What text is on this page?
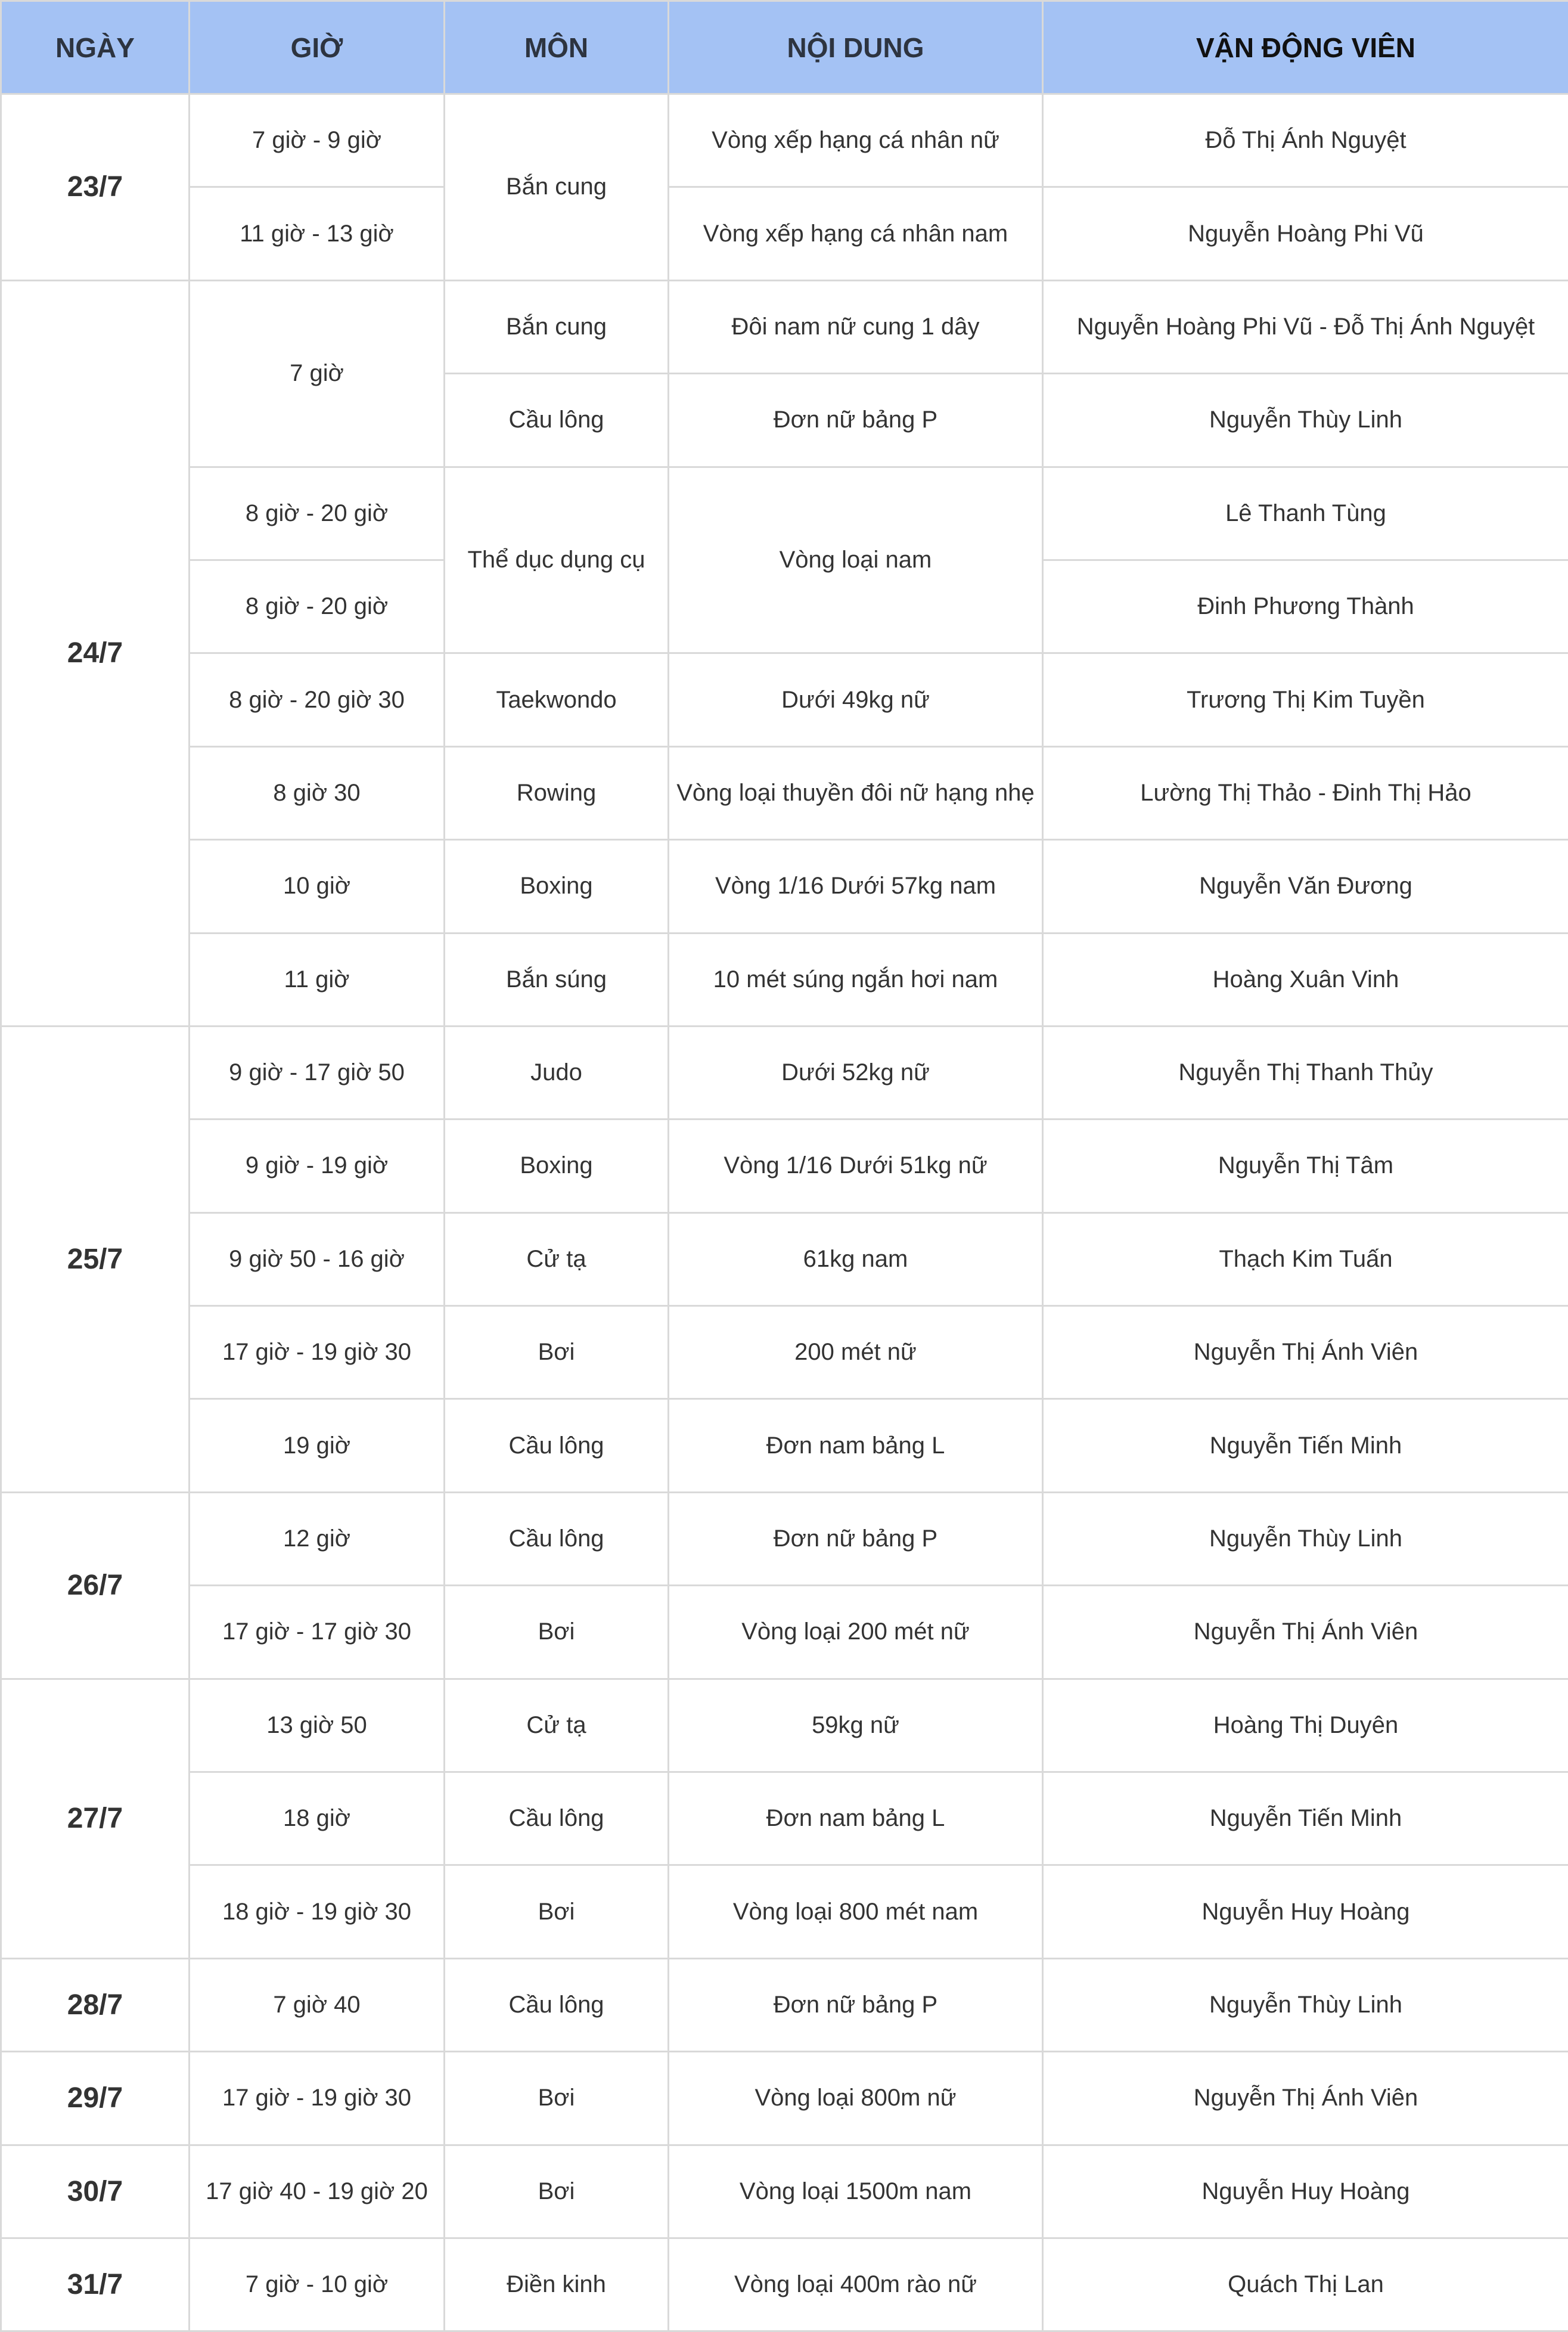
NGÀY	GIỜ	MÔN	NỘI DUNG	VẬN ĐỘNG VIÊN
23/7	7 giờ - 9 giờ	Bắn cung	Vòng xếp hạng cá nhân nữ	Đỗ Thị Ánh Nguyệt
	11 giờ - 13 giờ		Vòng xếp hạng cá nhân nam	Nguyễn Hoàng Phi Vũ
24/7	7 giờ	Bắn cung	Đôi nam nữ cung 1 dây	Nguyễn Hoàng Phi Vũ - Đỗ Thị Ánh Nguyệt
		Cầu lông	Đơn nữ bảng P	Nguyễn Thùy Linh
	8 giờ - 20 giờ	Thể dục dụng cụ	Vòng loại nam	Lê Thanh Tùng
	8 giờ - 20 giờ			Đinh Phương Thành
	8 giờ - 20 giờ 30	Taekwondo	Dưới 49kg nữ	Trương Thị Kim Tuyền
	8 giờ 30	Rowing	Vòng loại thuyền đôi nữ hạng nhẹ	Lường Thị Thảo - Đinh Thị Hảo
	10 giờ	Boxing	Vòng 1/16 Dưới 57kg nam	Nguyễn Văn Đương
	11 giờ	Bắn súng	10 mét súng ngắn hơi nam	Hoàng Xuân Vinh
25/7	9 giờ - 17 giờ 50	Judo	Dưới 52kg nữ	Nguyễn Thị Thanh Thủy
	9 giờ - 19 giờ	Boxing	Vòng 1/16 Dưới 51kg nữ	Nguyễn Thị Tâm
	9 giờ 50 - 16 giờ	Cử tạ	61kg nam	Thạch Kim Tuấn
	17 giờ - 19 giờ 30	Bơi	200 mét nữ	Nguyễn Thị Ánh Viên
	19 giờ	Cầu lông	Đơn nam bảng L	Nguyễn Tiến Minh
26/7	12 giờ	Cầu lông	Đơn nữ bảng P	Nguyễn Thùy Linh
	17 giờ - 17 giờ 30	Bơi	Vòng loại 200 mét nữ	Nguyễn Thị Ánh Viên
27/7	13 giờ 50	Cử tạ	59kg nữ	Hoàng Thị Duyên
	18 giờ	Cầu lông	Đơn nam bảng L	Nguyễn Tiến Minh
	18 giờ - 19 giờ 30	Bơi	Vòng loại 800 mét nam	Nguyễn Huy Hoàng
28/7	7 giờ 40	Cầu lông	Đơn nữ bảng P	Nguyễn Thùy Linh
29/7	17 giờ - 19 giờ 30	Bơi	Vòng loại 800m nữ	Nguyễn Thị Ánh Viên
30/7	17 giờ 40 - 19 giờ 20	Bơi	Vòng loại 1500m nam	Nguyễn Huy Hoàng
31/7	7 giờ - 10 giờ	Điền kinh	Vòng loại 400m rào nữ	Quách Thị Lan
